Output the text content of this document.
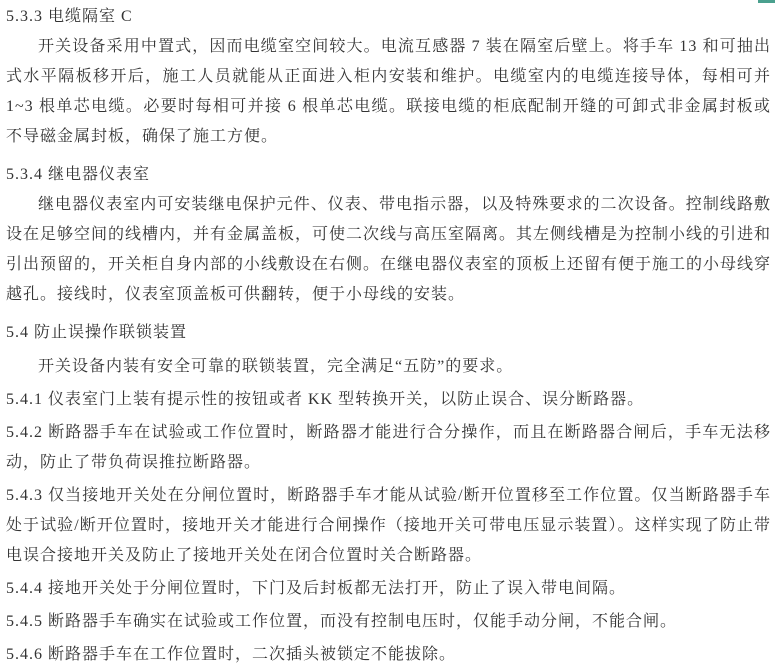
5.3.3 电缆隔室 C
开关设备采用中置式，因而电缆室空间较大。电流互感器 7 装在隔室后壁上。将手车 13 和可抽出式水平隔板移开后，施工人员就能从正面进入柜内安装和维护。电缆室内的电缆连接导体，每相可并 1~3 根单芯电缆。必要时每相可并接 6 根单芯电缆。联接电缆的柜底配制开缝的可卸式非金属封板或不导磁金属封板，确保了施工方便。
5.3.4 继电器仪表室
继电器仪表室内可安装继电保护元件、仪表、带电指示器，以及特殊要求的二次设备。控制线路敷设在足够空间的线槽内，并有金属盖板，可使二次线与高压室隔离。其左侧线槽是为控制小线的引进和引出预留的，开关柜自身内部的小线敷设在右侧。在继电器仪表室的顶板上还留有便于施工的小母线穿越孔。接线时，仪表室顶盖板可供翻转，便于小母线的安装。
5.4 防止误操作联锁装置
开关设备内装有安全可靠的联锁装置，完全满足“五防”的要求。
5.4.1 仪表室门上装有提示性的按钮或者 KK 型转换开关，以防止误合、误分断路器。
5.4.2 断路器手车在试验或工作位置时，断路器才能进行合分操作，而且在断路器合闸后，手车无法移动，防止了带负荷误推拉断路器。
5.4.3 仅当接地开关处在分闸位置时，断路器手车才能从试验/断开位置移至工作位置。仅当断路器手车处于试验/断开位置时，接地开关才能进行合闸操作（接地开关可带电压显示装置）。这样实现了防止带电误合接地开关及防止了接地开关处在闭合位置时关合断路器。
5.4.4 接地开关处于分闸位置时，下门及后封板都无法打开，防止了误入带电间隔。
5.4.5 断路器手车确实在试验或工作位置，而没有控制电压时，仅能手动分闸，不能合闸。
5.4.6 断路器手车在工作位置时，二次插头被锁定不能拔除。
